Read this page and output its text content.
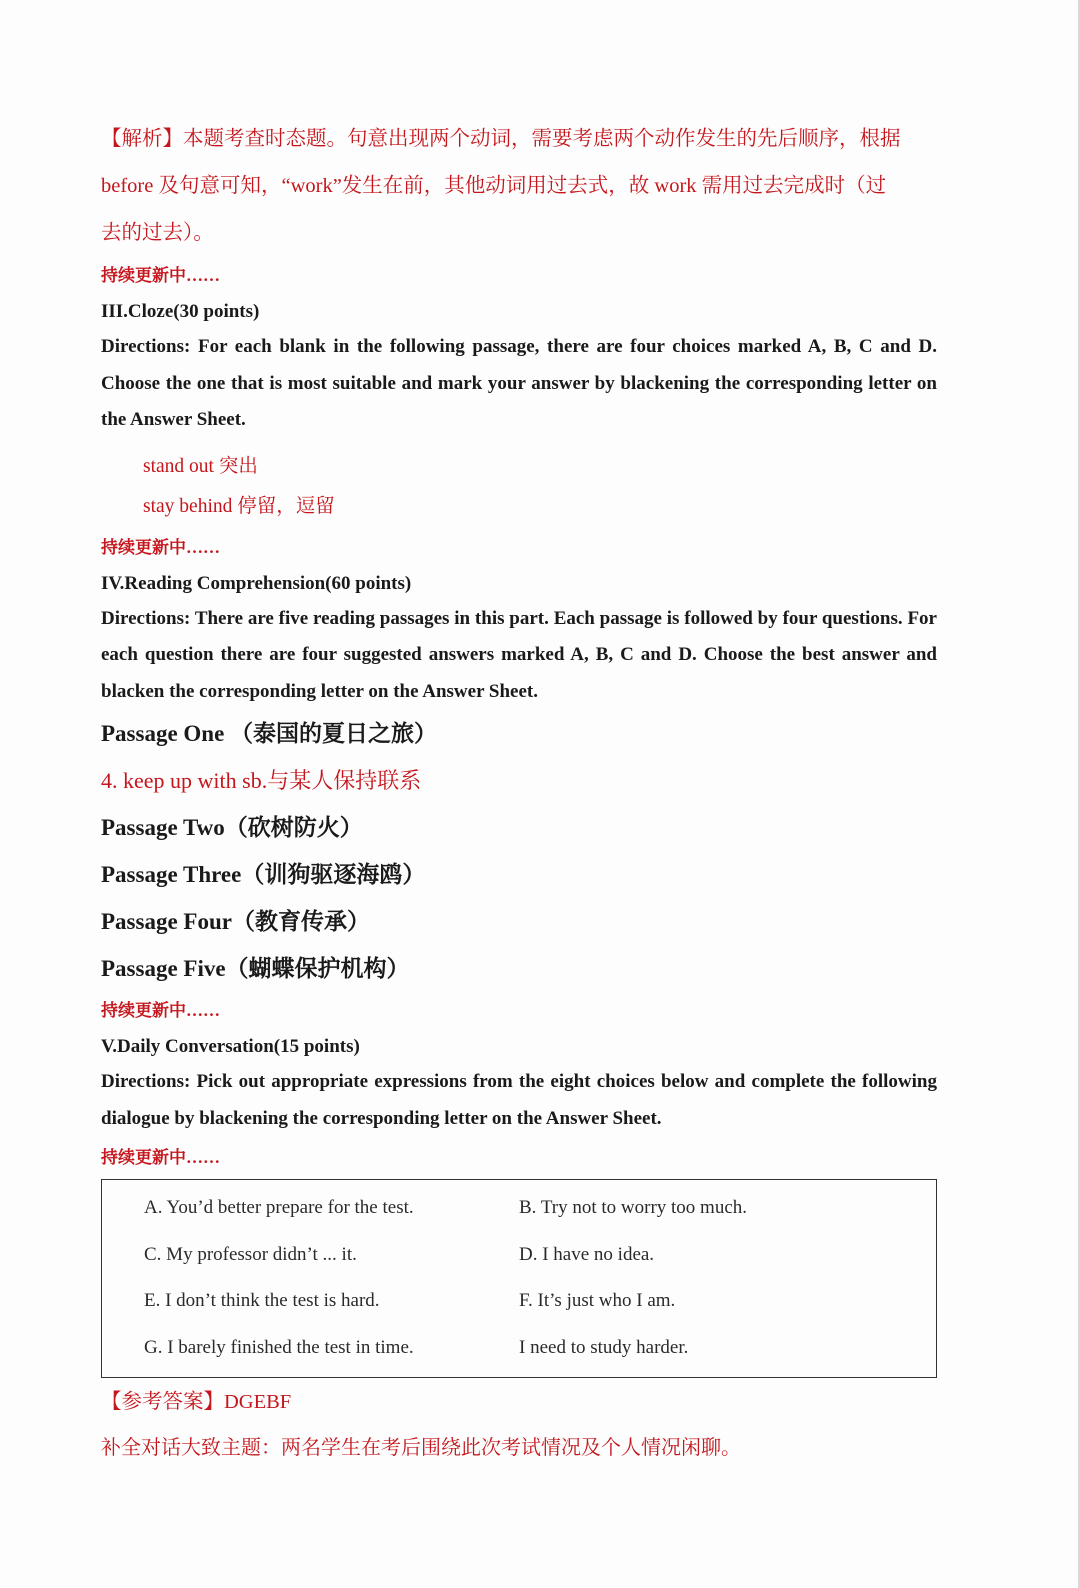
【解析】本题考查时态题。句意出现两个动词，需要考虑两个动作发生的先后顺序，根据
before 及句意可知，“work”发生在前，其他动词用过去式，故 work 需用过去完成时（过
去的过去）。
持续更新中……
III.Cloze(30 points)
Directions: For each blank in the following passage, there are four choices marked A, B, C and D. Choose the one that is most suitable and mark your answer by blackening the corresponding letter on the Answer Sheet.
stand out 突出
stay behind 停留，逗留
持续更新中……
IV.Reading Comprehension(60 points)
Directions: There are five reading passages in this part. Each passage is followed by four questions. For each question there are four suggested answers marked A, B, C and D. Choose the best answer and blacken the corresponding letter on the Answer Sheet.
Passage One （泰国的夏日之旅）
4. keep up with sb.与某人保持联系
Passage Two（砍树防火）
Passage Three（训狗驱逐海鸥）
Passage Four（教育传承）
Passage Five（蝴蝶保护机构）
持续更新中……
V.Daily Conversation(15 points)
Directions: Pick out appropriate expressions from the eight choices below and complete the following dialogue by blackening the corresponding letter on the Answer Sheet.
持续更新中……
A. You’d better prepare for the test.	B. Try not to worry too much.
C. My professor didn’t ... it.	D. I have no idea.
E. I don’t think the test is hard.	F. It’s just who I am.
G. I barely finished the test in time.	I need to study harder.
【参考答案】DGEBF
补全对话大致主题：两名学生在考后围绕此次考试情况及个人情况闲聊。
